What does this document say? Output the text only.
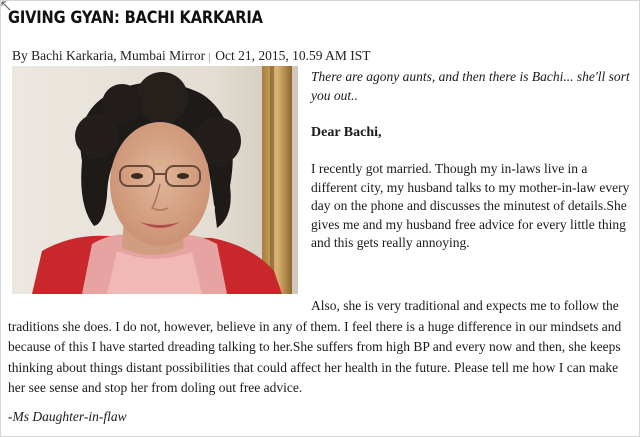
GIVING GYAN: BACHI KARKARIA
By Bachi Karkaria, Mumbai Mirror | Oct 21, 2015, 10.59 AM IST

There are agony aunts, and then there is Bachi... she'll sort you out..

Dear Bachi,

I recently got married. Though my in-laws live in a different city, my husband talks to my mother-in-law every day on the phone and discusses the minutest of details.She gives me and my husband free advice for every little thing and this gets really annoying.

Also, she is very traditional and expects me to follow the traditions she does. I do not, however, believe in any of them. I feel there is a huge difference in our mindsets and because of this I have started dreading talking to her.She suffers from high BP and every now and then, she keeps thinking about things distant possibilities that could affect her health in the future. Please tell me how I can make her see sense and stop her from doling out free advice.

-Ms Daughter-in-flaw
